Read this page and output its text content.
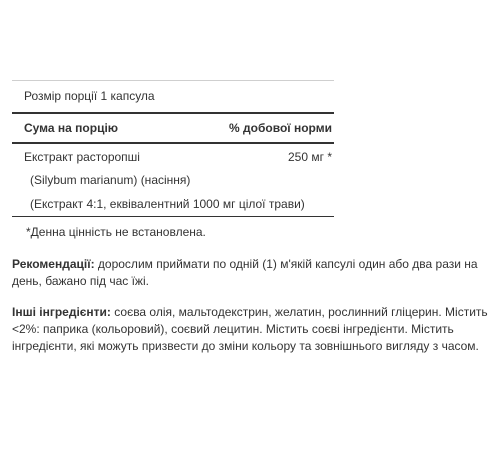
Розмір порції 1 капсула
Сума на порцію	% добової норми
Екстракт расторопші	250 мг *
(Silybum marianum) (насіння)
(Екстракт 4:1, еквівалентний 1000 мг цілої трави)
*Денна цінність не встановлена.
Рекомендації: дорослим приймати по одній (1) м'якій капсулі один або два рази на день, бажано під час їжі.
Інші інгредієнти: соєва олія, мальтодекстрин, желатин, рослинний гліцерин. Містить <2%: паприка (кольоровий), соєвий лецитин. Містить соєві інгредієнти. Містить інгредієнти, які можуть призвести до зміни кольору та зовнішнього вигляду з часом.
